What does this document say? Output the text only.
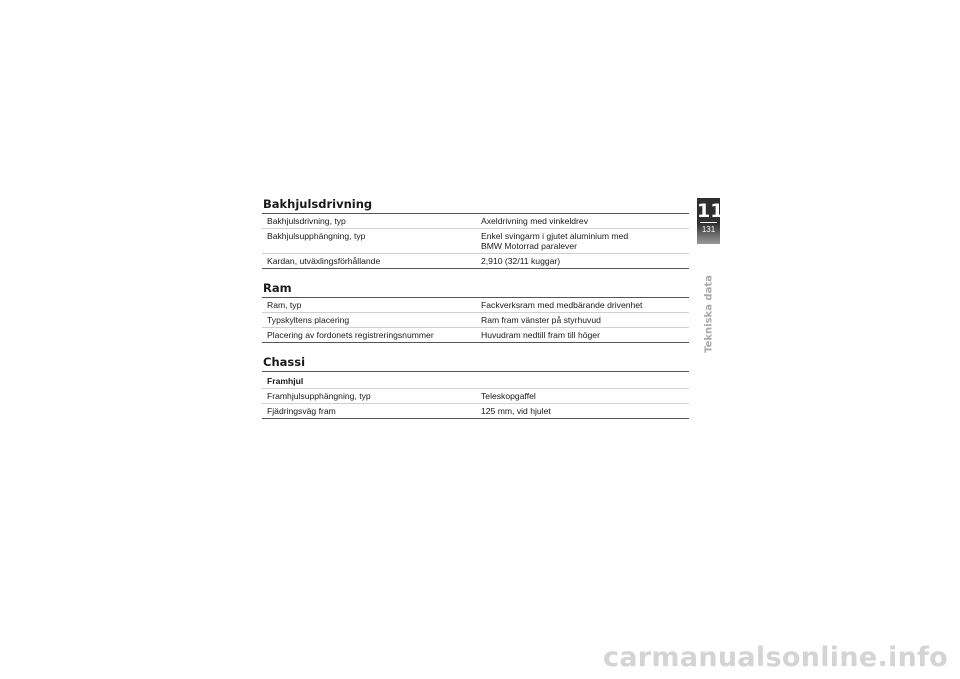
Bakhjulsdrivning
Bakhjulsdrivning, typ	Axeldrivning med vinkeldrev
Bakhjulsupphängning, typ	Enkel svingarm i gjutet aluminium med BMW Motorrad paralever
Kardan, utväxlingsförhållande	2,910 (32/11 kuggar)
Ram
Ram, typ	Fackverksram med medbärande drivenhet
Typskyltens placering	Ram fram vänster på styrhuvud
Placering av fordonets registreringsnummer	Huvudram nedtill fram till höger
Chassi
Framhjul	
Framhjulsupphängning, typ	Teleskopgaffel
Fjädringsväg fram	125 mm, vid hjulet
11
131
Tekniska data
carmanualsonline.info
